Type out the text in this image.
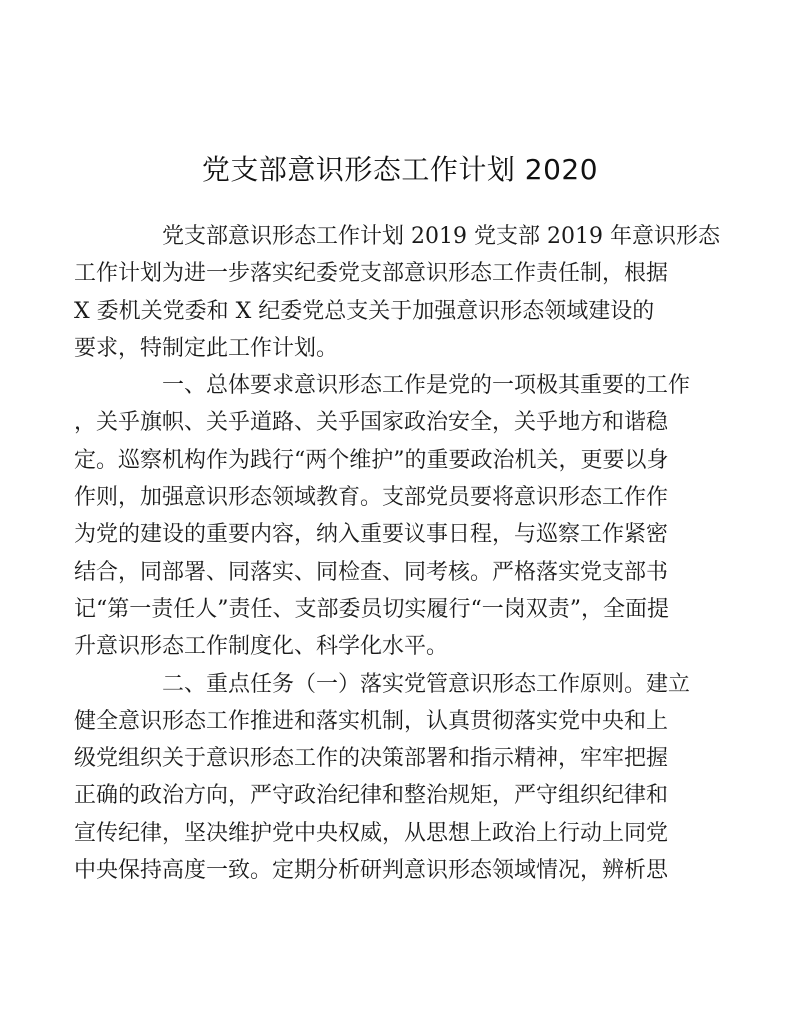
党支部意识形态工作计划 2020

党支部意识形态工作计划 2019 党支部 2019 年意识形态
工作计划为进一步落实纪委党支部意识形态工作责任制，根据
X 委机关党委和 X 纪委党总支关于加强意识形态领域建设的
要求，特制定此工作计划。

一、总体要求意识形态工作是党的一项极其重要的工作
，关乎旗帜、关乎道路、关乎国家政治安全，关乎地方和谐稳
定。巡察机构作为践行“两个维护”的重要政治机关，更要以身
作则，加强意识形态领域教育。支部党员要将意识形态工作作
为党的建设的重要内容，纳入重要议事日程，与巡察工作紧密
结合，同部署、同落实、同检查、同考核。严格落实党支部书
记“第一责任人”责任、支部委员切实履行“一岗双责”，全面提
升意识形态工作制度化、科学化水平。

二、重点任务（一）落实党管意识形态工作原则。建立
健全意识形态工作推进和落实机制，认真贯彻落实党中央和上
级党组织关于意识形态工作的决策部署和指示精神，牢牢把握
正确的政治方向，严守政治纪律和整治规矩，严守组织纪律和
宣传纪律，坚决维护党中央权威，从思想上政治上行动上同党
中央保持高度一致。定期分析研判意识形态领域情况，辨析思
